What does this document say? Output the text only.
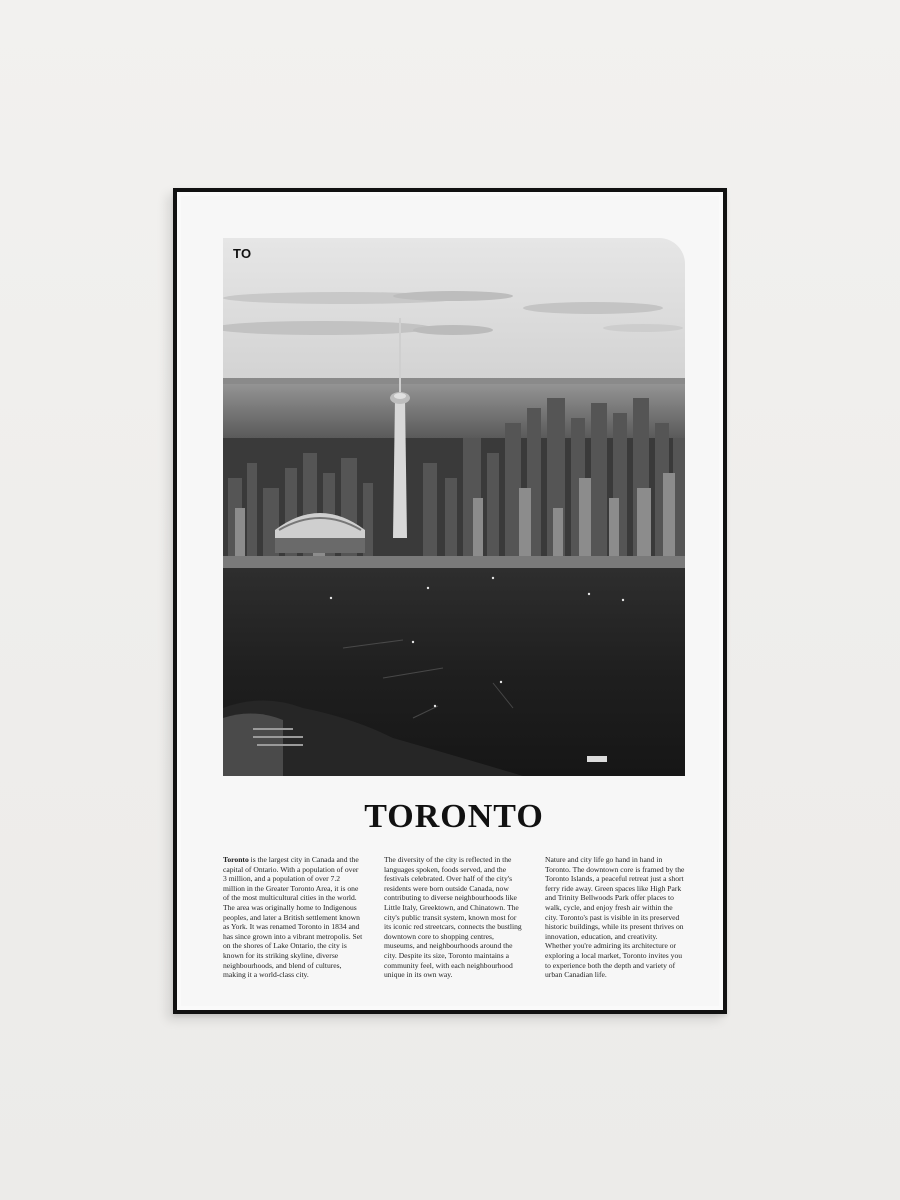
TO
TORONTO
Toronto is the largest city in Canada and the capital of Ontario. With a population of over 3 million, and a population of over 7.2 million in the Greater Toronto Area, it is one of the most multicultural cities in the world. The area was originally home to Indigenous peoples, and later a British settlement known as York. It was renamed Toronto in 1834 and has since grown into a vibrant metropolis. Set on the shores of Lake Ontario, the city is known for its striking skyline, diverse neighbourhoods, and blend of cultures, making it a world-class city.
The diversity of the city is reflected in the languages spoken, foods served, and the festivals celebrated. Over half of the city's residents were born outside Canada, now contributing to diverse neighbourhoods like Little Italy, Greektown, and Chinatown. The city's public transit system, known most for its iconic red streetcars, connects the bustling downtown core to shopping centres, museums, and neighbourhoods around the city. Despite its size, Toronto maintains a community feel, with each neighbourhood unique in its own way.
Nature and city life go hand in hand in Toronto. The downtown core is framed by the Toronto Islands, a peaceful retreat just a short ferry ride away. Green spaces like High Park and Trinity Bellwoods Park offer places to walk, cycle, and enjoy fresh air within the city. Toronto's past is visible in its preserved historic buildings, while its present thrives on innovation, education, and creativity. Whether you're admiring its architecture or exploring a local market, Toronto invites you to experience both the depth and variety of urban Canadian life.
